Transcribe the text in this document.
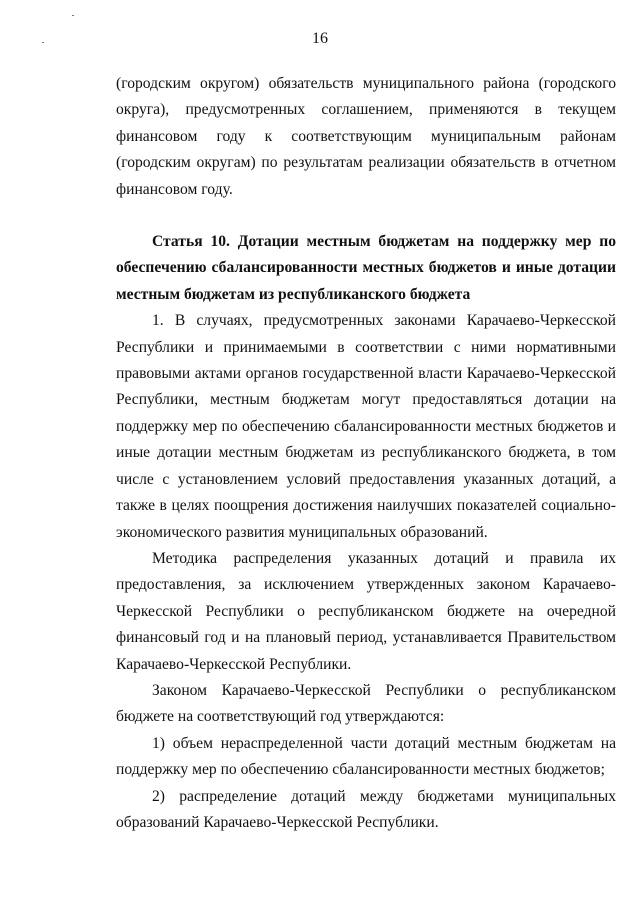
16

(городским округом) обязательств муниципального района (городского округа), предусмотренных соглашением, применяются в текущем финансовом году к соответствующим муниципальным районам (городским округам) по результатам реализации обязательств в отчетном финансовом году.

Статья 10. Дотации местным бюджетам на поддержку мер по обеспечению сбалансированности местных бюджетов и иные дотации местным бюджетам из республиканского бюджета

1. В случаях, предусмотренных законами Карачаево-Черкесской Республики и принимаемыми в соответствии с ними нормативными правовыми актами органов государственной власти Карачаево-Черкесской Республики, местным бюджетам могут предоставляться дотации на поддержку мер по обеспечению сбалансированности местных бюджетов и иные дотации местным бюджетам из республиканского бюджета, в том числе с установлением условий предоставления указанных дотаций, а также в целях поощрения достижения наилучших показателей социально-экономического развития муниципальных образований.

Методика распределения указанных дотаций и правила их предоставления, за исключением утвержденных законом Карачаево-Черкесской Республики о республиканском бюджете на очередной финансовый год и на плановый период, устанавливается Правительством Карачаево-Черкесской Республики.

Законом Карачаево-Черкесской Республики о республиканском бюджете на соответствующий год утверждаются:

1) объем нераспределенной части дотаций местным бюджетам на поддержку мер по обеспечению сбалансированности местных бюджетов;

2) распределение дотаций между бюджетами муниципальных образований Карачаево-Черкесской Республики.
